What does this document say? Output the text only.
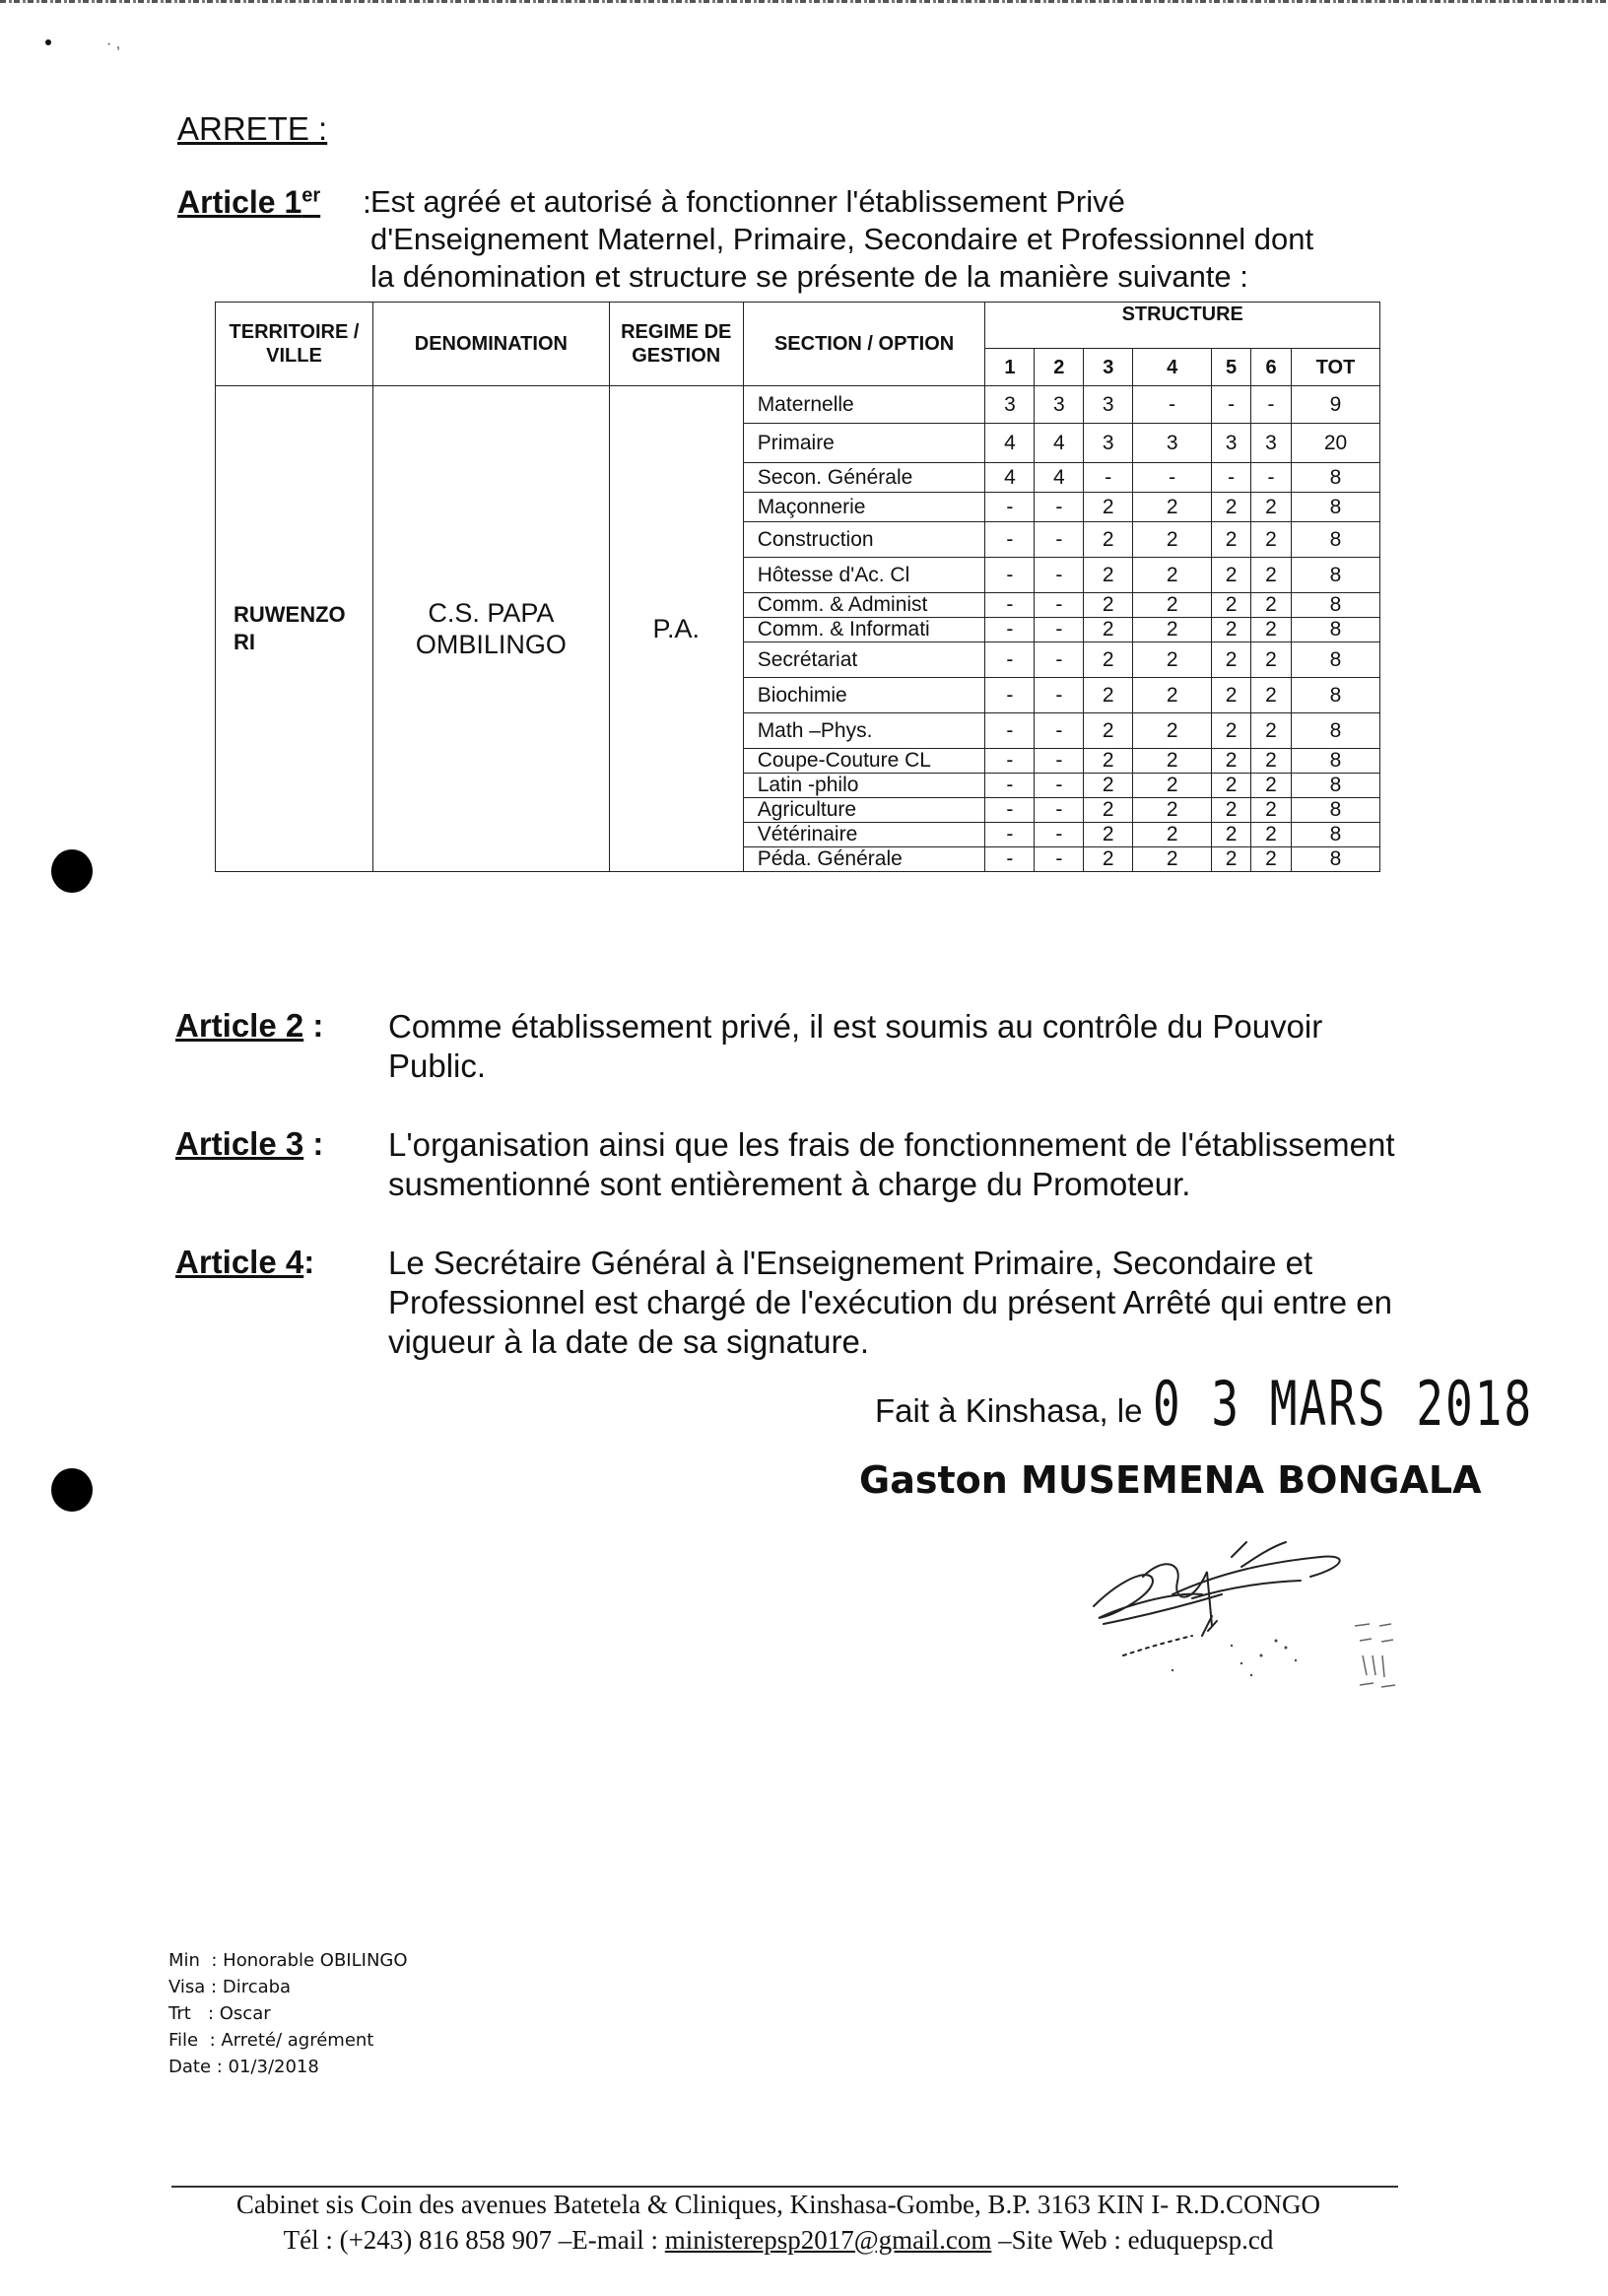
· ,
ARRETE :
Article 1er : Est agréé et autorisé à fonctionner l'établissement Privé
d'Enseignement Maternel, Primaire, Secondaire et Professionnel dont
la dénomination et structure se présente de la manière suivante :
TERRITOIRE / VILLE	DENOMINATION	REGIME DE GESTION	SECTION / OPTION	STRUCTURE						
				1	2	3	4	5	6	TOT
RUWENZO RI	C.S. PAPA OMBILINGO	P.A.	Maternelle	3	3	3	-	-	-	9
			Primaire	4	4	3	3	3	3	20
			Secon. Générale	4	4	-	-	-	-	8
			Maçonnerie	-	-	2	2	2	2	8
			Construction	-	-	2	2	2	2	8
			Hôtesse d'Ac. Cl	-	-	2	2	2	2	8
			Comm. & Administ	-	-	2	2	2	2	8
			Comm. & Informati	-	-	2	2	2	2	8
			Secrétariat	-	-	2	2	2	2	8
			Biochimie	-	-	2	2	2	2	8
			Math –Phys.	-	-	2	2	2	2	8
			Coupe-Couture CL	-	-	2	2	2	2	8
			Latin -philo	-	-	2	2	2	2	8
			Agriculture	-	-	2	2	2	2	8
			Vétérinaire	-	-	2	2	2	2	8
			Péda. Générale	-	-	2	2	2	2	8
Article 2 : Comme établissement privé, il est soumis au contrôle du Pouvoir
Public.
Article 3 : L'organisation ainsi que les frais de fonctionnement de l'établissement
susmentionné sont entièrement à charge du Promoteur.
Article 4: Le Secrétaire Général à l'Enseignement Primaire, Secondaire et
Professionnel est chargé de l'exécution du présent Arrêté qui entre en
vigueur à la date de sa signature.
Fait à Kinshasa, le 0 3 MARS 2018
Gaston MUSEMENA BONGALA
Min  : Honorable OBILINGO
Visa : Dircaba
Trt   : Oscar
File  : Arreté/ agrément
Date : 01/3/2018
Cabinet sis Coin des avenues Batetela & Cliniques, Kinshasa-Gombe, B.P. 3163 KIN I- R.D.CONGO
Tél : (+243) 816 858 907 –E-mail : ministerepsp2017@gmail.com –Site Web : eduquepsp.cd
